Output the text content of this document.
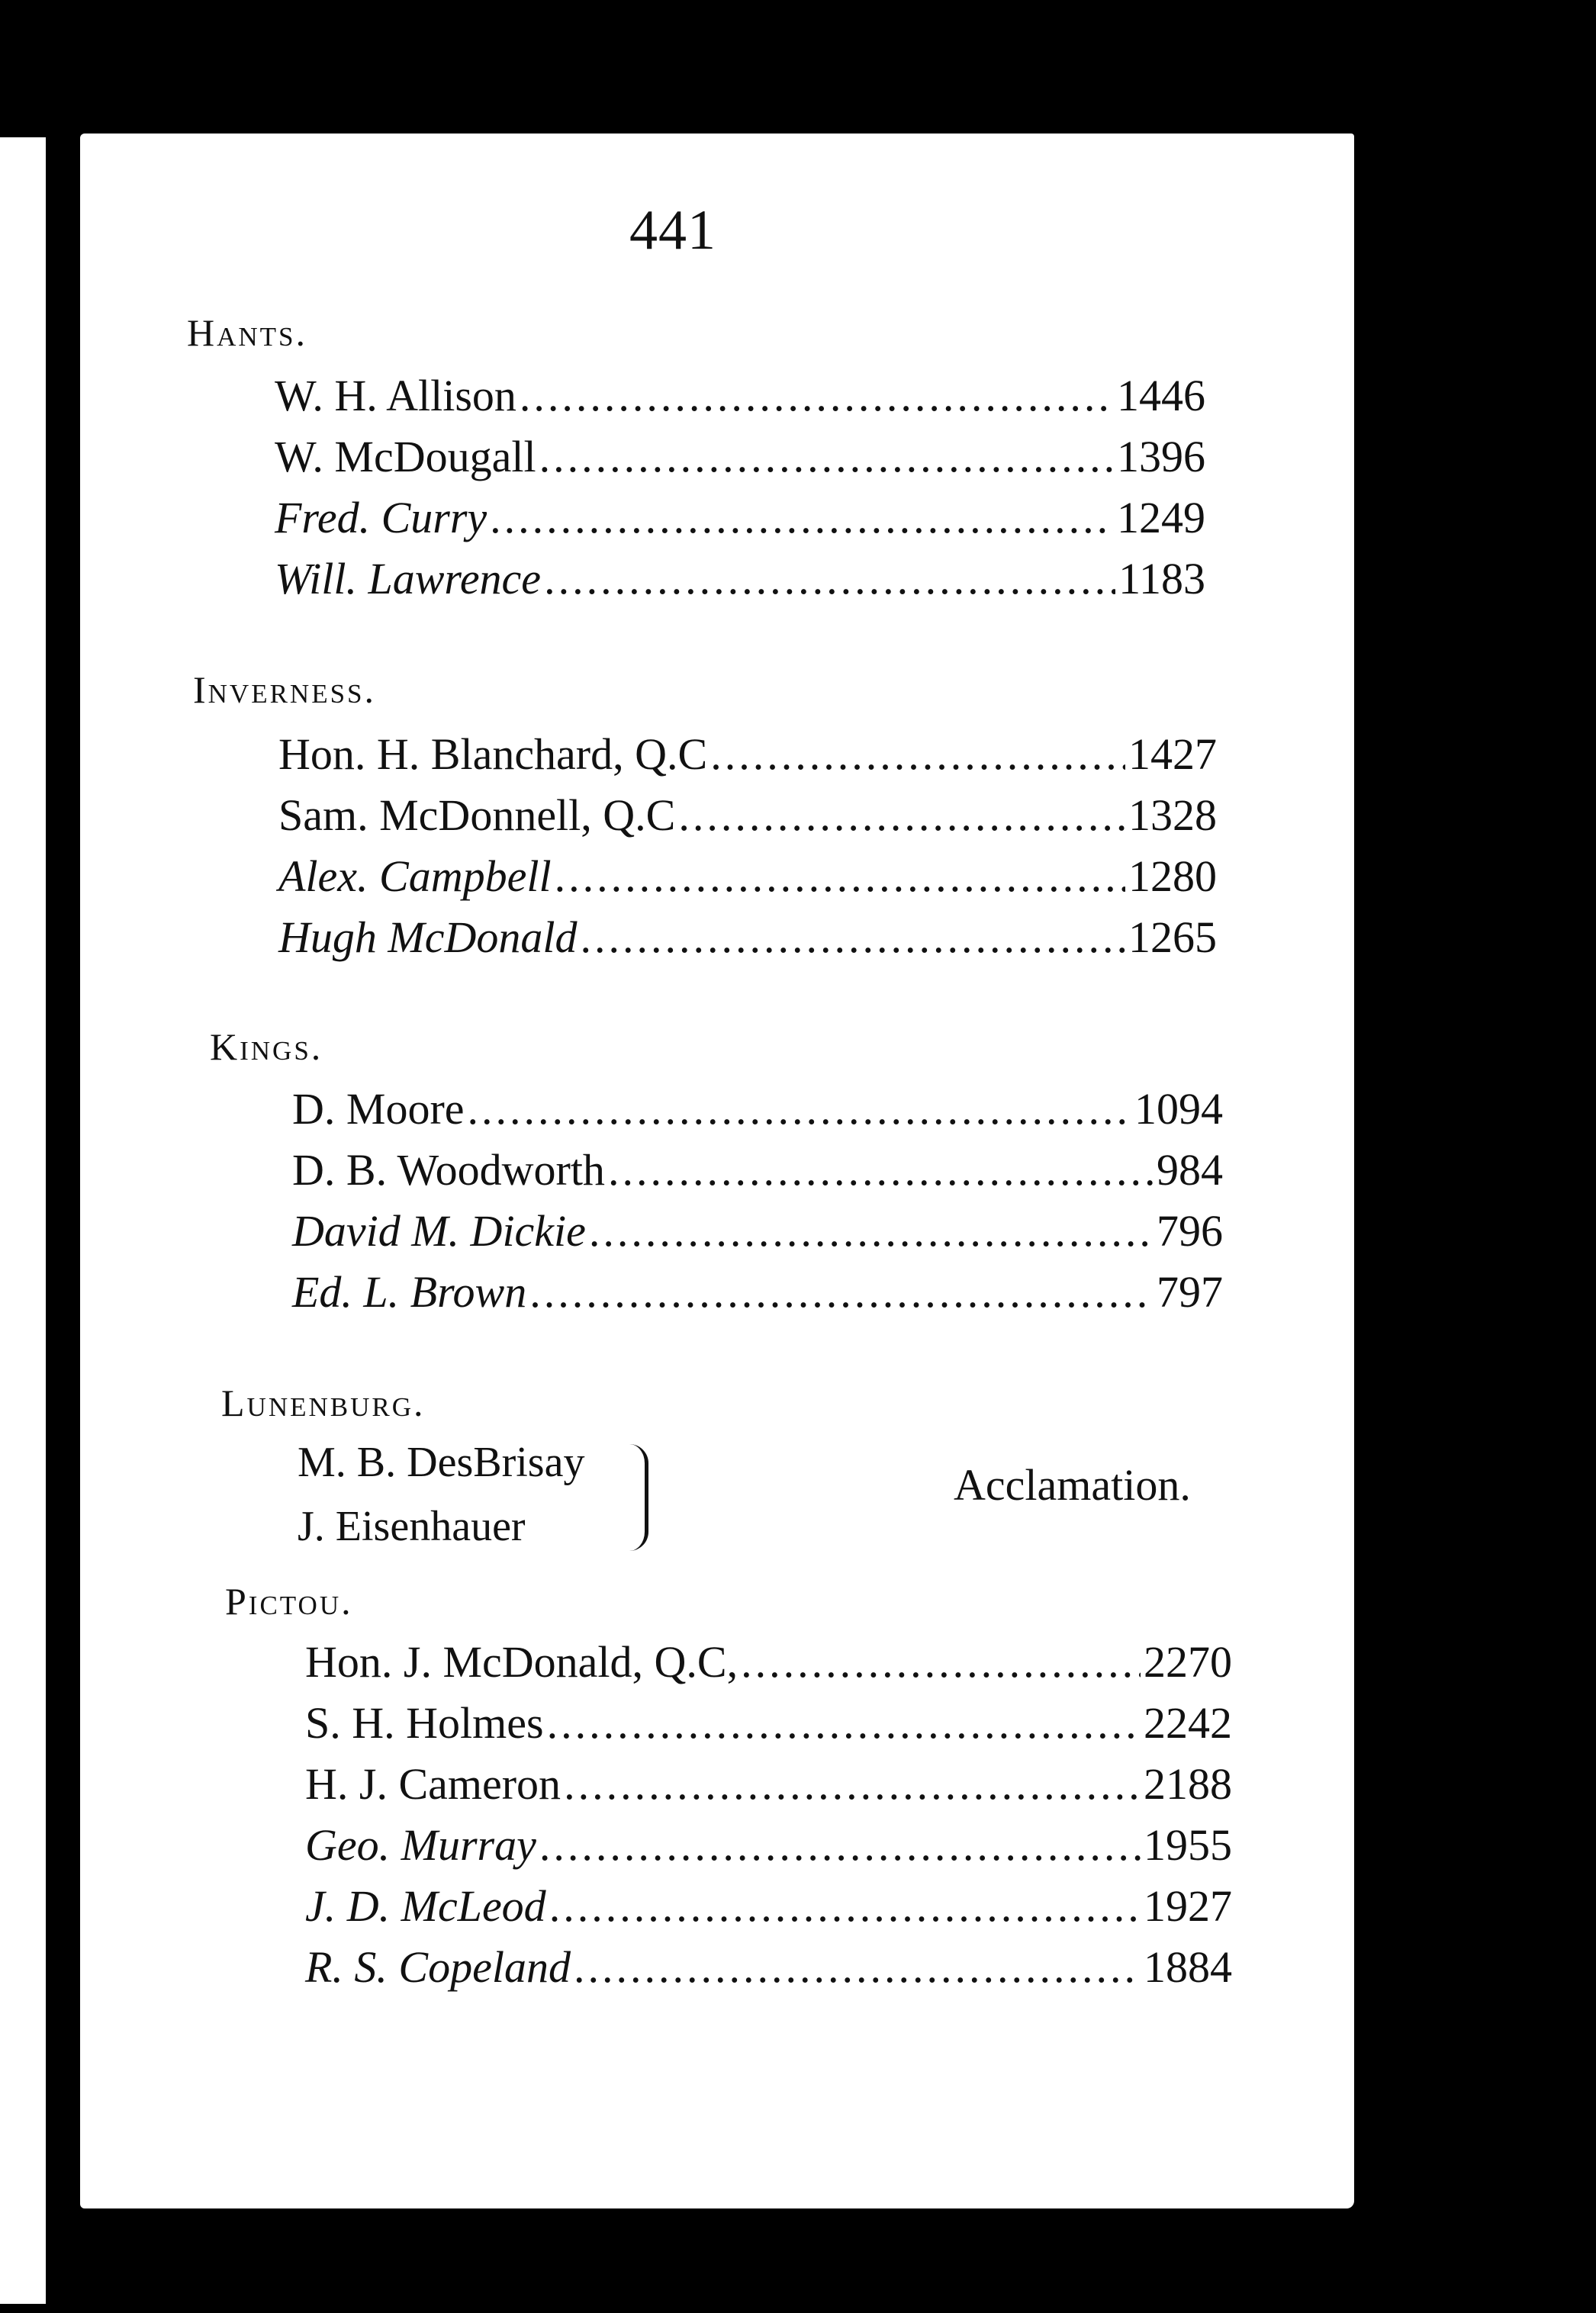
441
Hants.
W. H. Allison .....	1446
W. McDougall .....	1396
Fred. Curry .....	1249
Will. Lawrence .....	1183
Inverness.
Hon. H. Blanchard, Q.C .....	1427
Sam. McDonnell, Q.C .....	1328
Alex. Campbell .....	1280
Hugh McDonald .....	1265
Kings.
D. Moore .....	1094
D. B. Woodworth .....	984
David M. Dickie .....	796
Ed. L. Brown .....	797
Lunenburg.
M. B. DesBrisay
J. Eisenhauer
Acclamation.
Pictou.
Hon. J. McDonald, Q.C, .....	2270
S. H. Holmes .....	2242
H. J. Cameron .....	2188
Geo. Murray .....	1955
J. D. McLeod .....	1927
R. S. Copeland .....	1884
